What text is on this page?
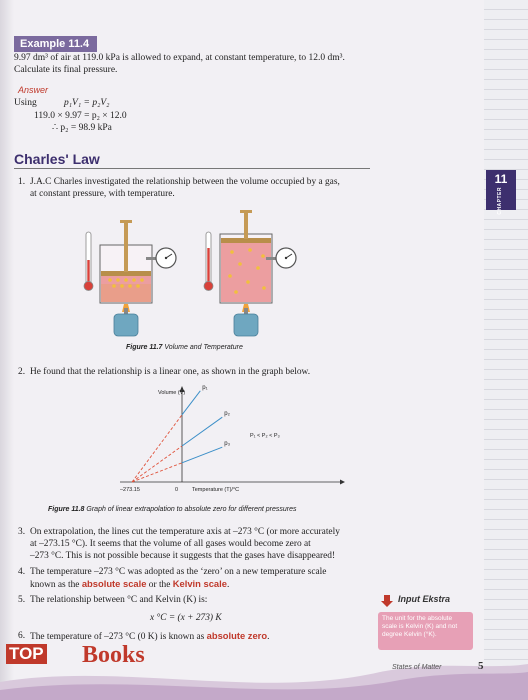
11
CHAPTER
Example 11.4
9.97 dm³ of air at 119.0 kPa is allowed to expand, at constant temperature, to 12.0 dm³.
Calculate its final pressure.
Answer
Using	p₁V₁ = p₂V₂
119.0 × 9.97 = p₂ × 12.0
∴ p₂ = 98.9 kPa
Charles' Law
1. J.A.C Charles investigated the relationship between the volume occupied by a gas,
at constant pressure, with temperature.
Figure 11.7 Volume and Temperature
2. He found that the relationship is a linear one, as shown in the graph below.
p₁
p₂
p₃
Volume (V)
Temperature (T)/°C
–273.15	0
P₁ < P₂ < P₃
Figure 11.8 Graph of linear extrapolation to absolute zero for different pressures
3. On extrapolation, the lines cut the temperature axis at –273 °C (or more accurately
at –273.15 °C). It seems that the volume of all gases would become zero at
–273 °C. This is not possible because it suggests that the gases have disappeared!
4. The temperature –273 °C was adopted as the ‘zero’ on a new temperature scale
known as the absolute scale or the Kelvin scale.
5. The relationship between °C and Kelvin (K) is:
x °C = (x + 273) K
6. The temperature of –273 °C (0 K) is known as absolute zero.
Input Ekstra
The unit for the absolute
scale is Kelvin (K) and not
degree Kelvin (°K).
States of Matter	5
TOP Books
